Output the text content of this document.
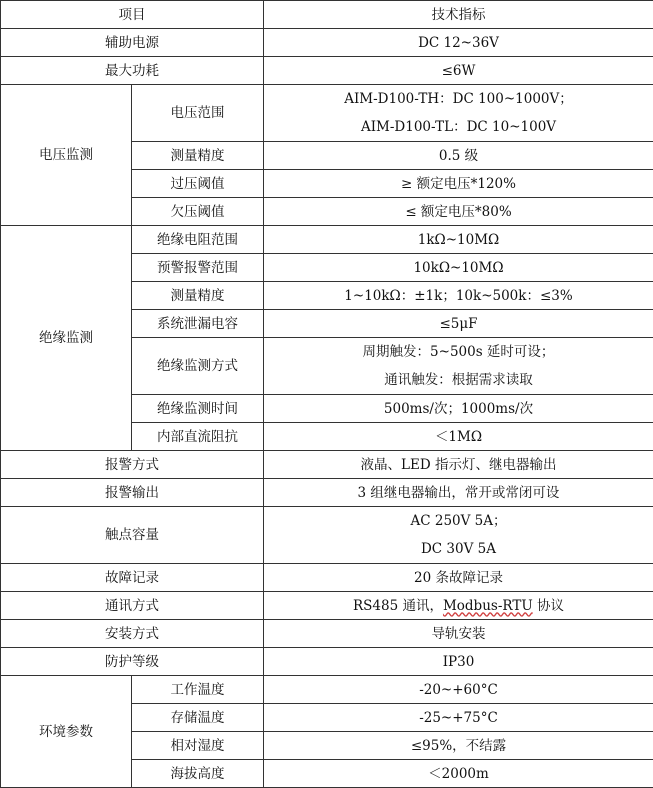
项目		技术指标
辅助电源		DC 12~36V
最大功耗		≤6W
电压监测	电压范围	AIM-D100-TH：DC 100~1000V；
AIM-D100-TL：DC 10~100V

	测量精度	0.5 级
	过压阈值	≥ 额定电压*120%
	欠压阈值	≤ 额定电压*80%
绝缘监测	绝缘电阻范围	1kΩ~10MΩ
	预警报警范围	10kΩ~10MΩ
	测量精度	1~10kΩ：±1k；10k~500k：≤3%
	系统泄漏电容	≤5μF
	绝缘监测方式	周期触发：5~500s 延时可设；
通讯触发：根据需求读取

	绝缘监测时间	500ms/次；1000ms/次
	内部直流阻抗	＜1MΩ
报警方式		液晶、LED 指示灯、继电器输出
报警输出		3 组继电器输出，常开或常闭可设
触点容量		AC 250V 5A；
DC 30V 5A

故障记录		20 条故障记录
通讯方式		RS485 通讯，Modbus-RTU 协议
安装方式		导轨安装
防护等级		IP30
环境参数	工作温度	-20~+60°C
	存储温度	-25~+75°C
	相对湿度	≤95%，不结露
	海拔高度	＜2000m
